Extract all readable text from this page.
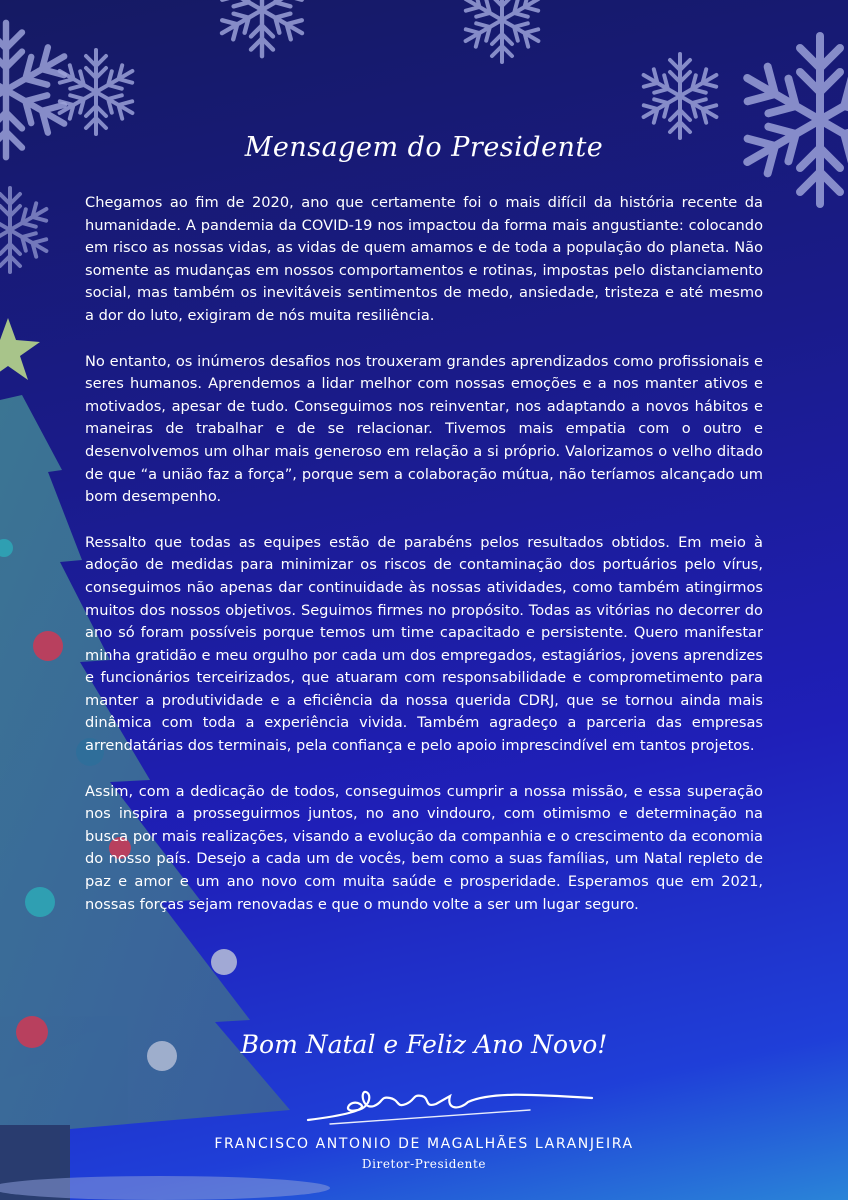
Mensagem do Presidente

Chegamos ao fim de 2020, ano que certamente foi o mais difícil da história recente da humanidade. A pandemia da COVID-19 nos impactou da forma mais angustiante: colocando em risco as nossas vidas, as vidas de quem amamos e de toda a população do planeta. Não somente as mudanças em nossos comportamentos e rotinas, impostas pelo distanciamento social, mas também os inevitáveis sentimentos de medo, ansiedade, tristeza e até mesmo a dor do luto, exigiram de nós muita resiliência.

No entanto, os inúmeros desafios nos trouxeram grandes aprendizados como profissionais e seres humanos. Aprendemos a lidar melhor com nossas emoções e a nos manter ativos e motivados, apesar de tudo. Conseguimos nos reinventar, nos adaptando a novos hábitos e maneiras de trabalhar e de se relacionar. Tivemos mais empatia com o outro e desenvolvemos um olhar mais generoso em relação a si próprio. Valorizamos o velho ditado de que “a união faz a força”, porque sem a colaboração mútua, não teríamos alcançado um bom desempenho.

Ressalto que todas as equipes estão de parabéns pelos resultados obtidos. Em meio à adoção de medidas para minimizar os riscos de contaminação dos portuários pelo vírus, conseguimos não apenas dar continuidade às nossas atividades, como também atingirmos muitos dos nossos objetivos. Seguimos firmes no propósito. Todas as vitórias no decorrer do ano só foram possíveis porque temos um time capacitado e persistente. Quero manifestar minha gratidão e meu orgulho por cada um dos empregados, estagiários, jovens aprendizes e funcionários terceirizados, que atuaram com responsabilidade e comprometimento para manter a produtividade e a eficiência da nossa querida CDRJ, que se tornou ainda mais dinâmica com toda a experiência vivida. Também agradeço a parceria das empresas arrendatárias dos terminais, pela confiança e pelo apoio imprescindível em tantos projetos.

Assim, com a dedicação de todos, conseguimos cumprir a nossa missão, e essa superação nos inspira a prosseguirmos juntos, no ano vindouro, com otimismo e determinação na busca por mais realizações, visando a evolução da companhia e o crescimento da economia do nosso país. Desejo a cada um de vocês, bem como a suas famílias, um Natal repleto de paz e amor e um ano novo com muita saúde e prosperidade. Esperamos que em 2021, nossas forças sejam renovadas e que o mundo volte a ser um lugar seguro.

Bom Natal e Feliz Ano Novo!
FRANCISCO ANTONIO DE MAGALHÃES LARANJEIRA
Diretor-Presidente
